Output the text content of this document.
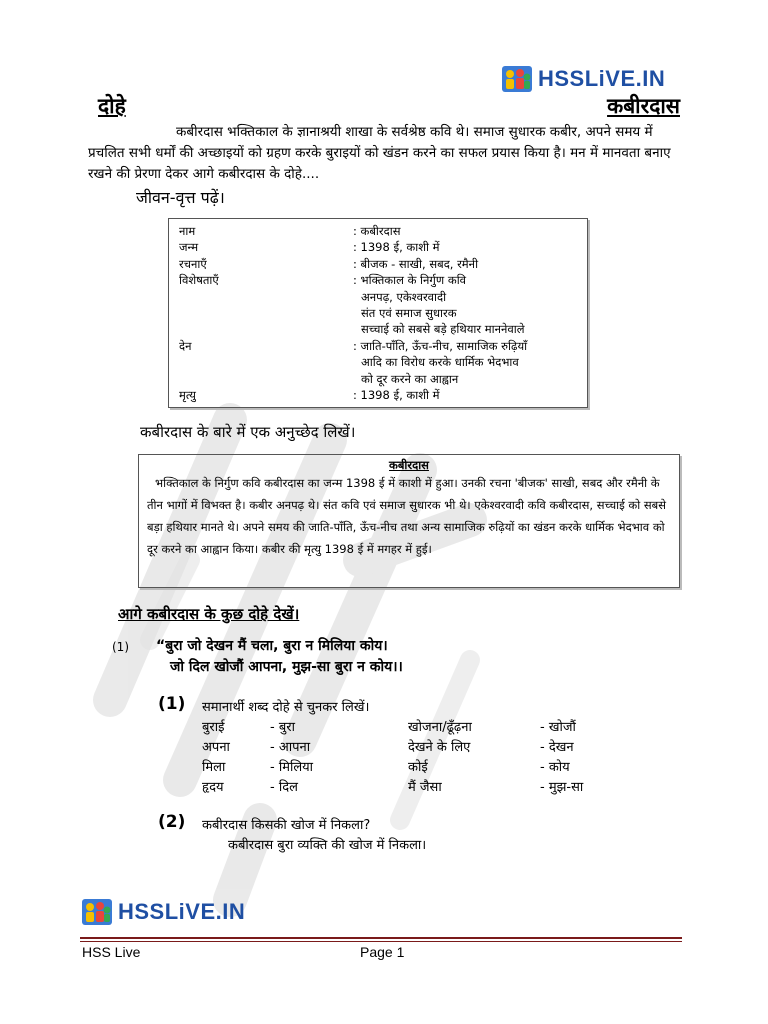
HSSLiVE.IN
दोहे	कबीरदास
कबीरदास भक्तिकाल के ज्ञानाश्रयी शाखा के सर्वश्रेष्ठ कवि थे। समाज सुधारक कबीर, अपने समय में प्रचलित सभी धर्मों की अच्छाइयों को ग्रहण करके बुराइयों को खंडन करने का सफल प्रयास किया है। मन में मानवता बनाए रखने की प्रेरणा देकर आगे कबीरदास के दोहे....
जीवन-वृत्त पढ़ें।
नाम	: कबीरदास
जन्म	: 1398 ई, काशी में
रचनाएँ	: बीजक - साखी, सबद, रमैनी
विशेषताएँ	: भक्तिकाल के निर्गुण कवि
अनपढ़, एकेश्वरवादी
संत एवं समाज सुधारक
सच्चाई को सबसे बड़े हथियार माननेवाले
देन	: जाति-पाँति, ऊँच-नीच, सामाजिक रुढ़ियाँ
आदि का विरोध करके धार्मिक भेदभाव
को दूर करने का आह्वान
मृत्यु	: 1398 ई, काशी में
कबीरदास के बारे में एक अनुच्छेद लिखें।
कबीरदास
भक्तिकाल के निर्गुण कवि कबीरदास का जन्म 1398 ई में काशी में हुआ। उनकी रचना 'बीजक' साखी, सबद और रमैनी के तीन भागों में विभक्त है। कबीर अनपढ़ थे। संत कवि एवं समाज सुधारक भी थे। एकेश्वरवादी कवि कबीरदास, सच्चाई को सबसे बड़ा हथियार मानते थे। अपने समय की जाति-पाँति, ऊँच-नीच तथा अन्य सामाजिक रुढ़ियों का खंडन करके धार्मिक भेदभाव को दूर करने का आह्वान किया। कबीर की मृत्यु 1398 ई में मगहर में हुई।
आगे कबीरदास के कुछ दोहे देखें।
(1) “बुरा जो देखन मैं चला, बुरा न मिलिया कोय।
जो दिल खोजौं आपना, मुझ-सा बुरा न कोय।।
(1) समानार्थी शब्द दोहे से चुनकर लिखें।
बुराई	- बुरा	खोजना/ढूँढ़ना	- खोजौं
अपना	- आपना	देखने के लिए	- देखन
मिला	- मिलिया	कोई	- कोय
हृदय	- दिल	मैं जैसा	- मुझ-सा
(2) कबीरदास किसकी खोज में निकला?
कबीरदास बुरा व्यक्ति की खोज में निकला।
HSSLiVE.IN
HSS Live	Page 1
